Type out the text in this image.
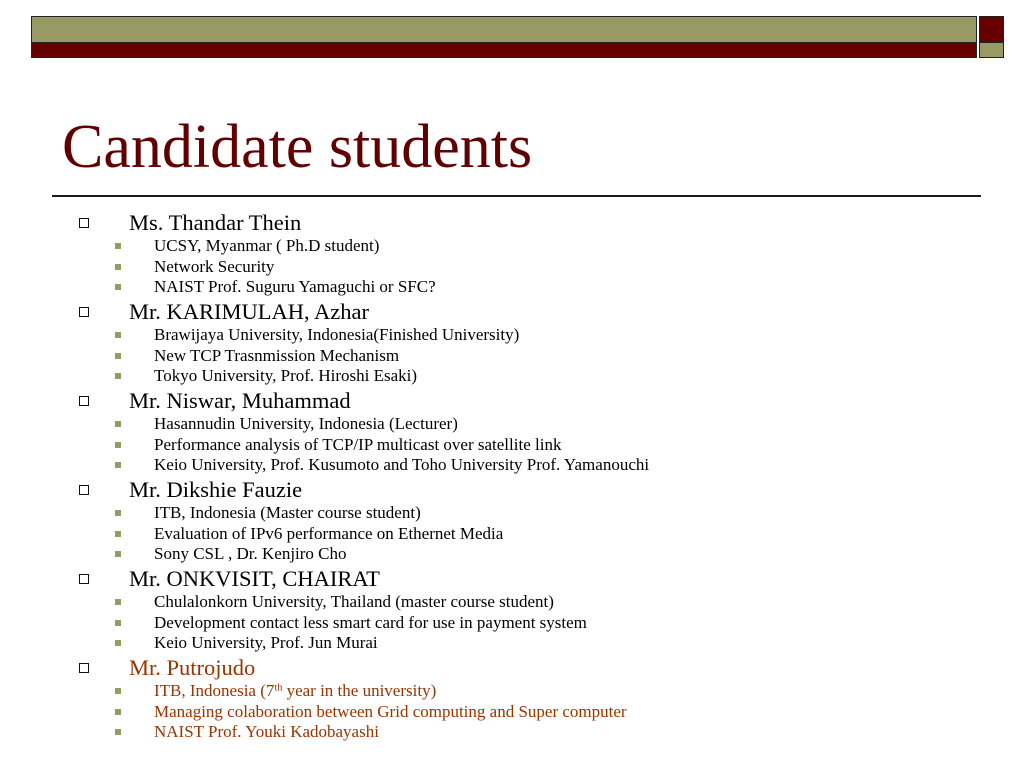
Candidate students
Ms. Thandar Thein
UCSY, Myanmar ( Ph.D student)
Network Security
NAIST Prof. Suguru Yamaguchi or SFC?
Mr. KARIMULAH, Azhar
Brawijaya University, Indonesia(Finished University)
New TCP Trasnmission Mechanism
Tokyo University, Prof. Hiroshi Esaki)
Mr. Niswar, Muhammad
Hasannudin University, Indonesia (Lecturer)
Performance analysis of TCP/IP multicast over satellite link
Keio University, Prof. Kusumoto and Toho University Prof. Yamanouchi
Mr. Dikshie Fauzie
ITB, Indonesia (Master course student)
Evaluation of IPv6 performance on Ethernet Media
Sony CSL , Dr. Kenjiro Cho
Mr. ONKVISIT, CHAIRAT
Chulalonkorn University, Thailand (master course student)
Development contact less smart card for use in payment system
Keio University, Prof. Jun Murai
Mr. Putrojudo
ITB, Indonesia (7th year in the university)
Managing colaboration between Grid computing and Super computer
NAIST Prof. Youki Kadobayashi
